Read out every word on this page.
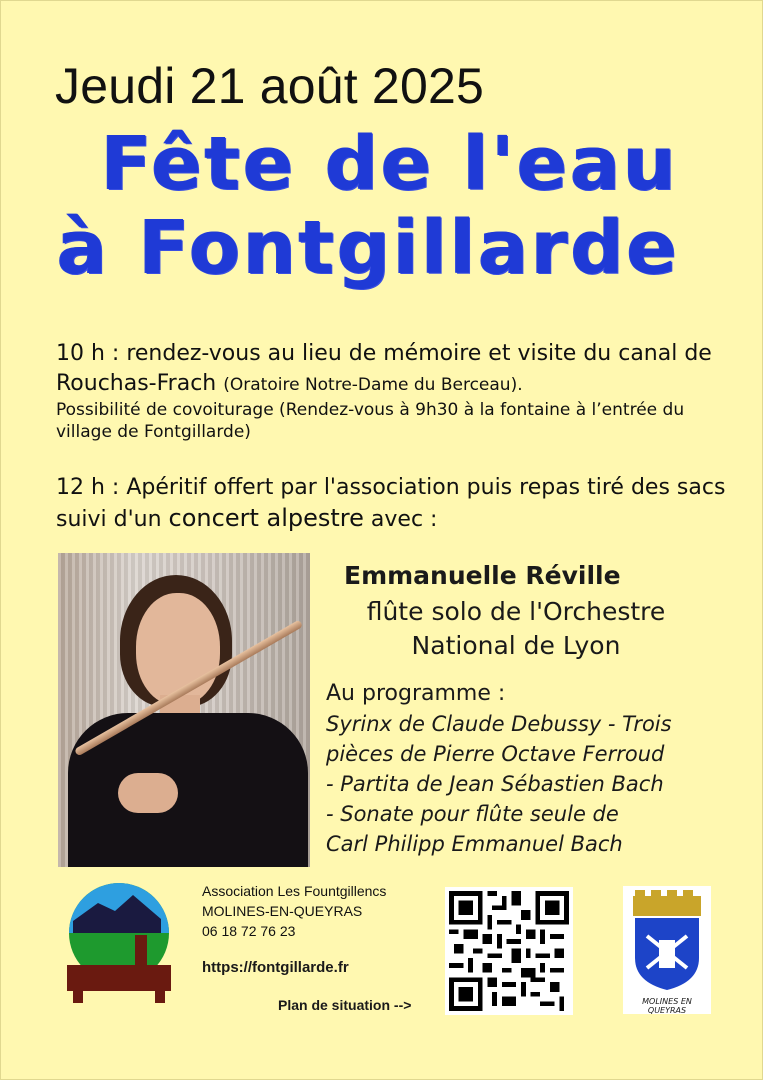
Jeudi 21 août 2025
Fête de l'eau
à Fontgillarde
10 h : rendez-vous au lieu de mémoire et visite du canal de Rouchas-Frach (Oratoire Notre-Dame du Berceau).
Possibilité de covoiturage (Rendez-vous à 9h30 à la fontaine à l’entrée du village de Fontgillarde)
12 h : Apéritif offert par l'association puis repas tiré des sacs suivi d'un concert alpestre avec :
Emmanuelle Réville
flûte solo de l'Orchestre
National de Lyon
Au programme :
Syrinx de Claude Debussy - Trois
pièces de Pierre Octave Ferroud
- Partita de Jean Sébastien Bach
- Sonate pour flûte seule de
Carl Philipp Emmanuel Bach
Association Les Fountgillencs
MOLINES-EN-QUEYRAS
06 18 72 76 23
https://fontgillarde.fr
Plan de situation -->	MOLINES EN QUEYRAS
